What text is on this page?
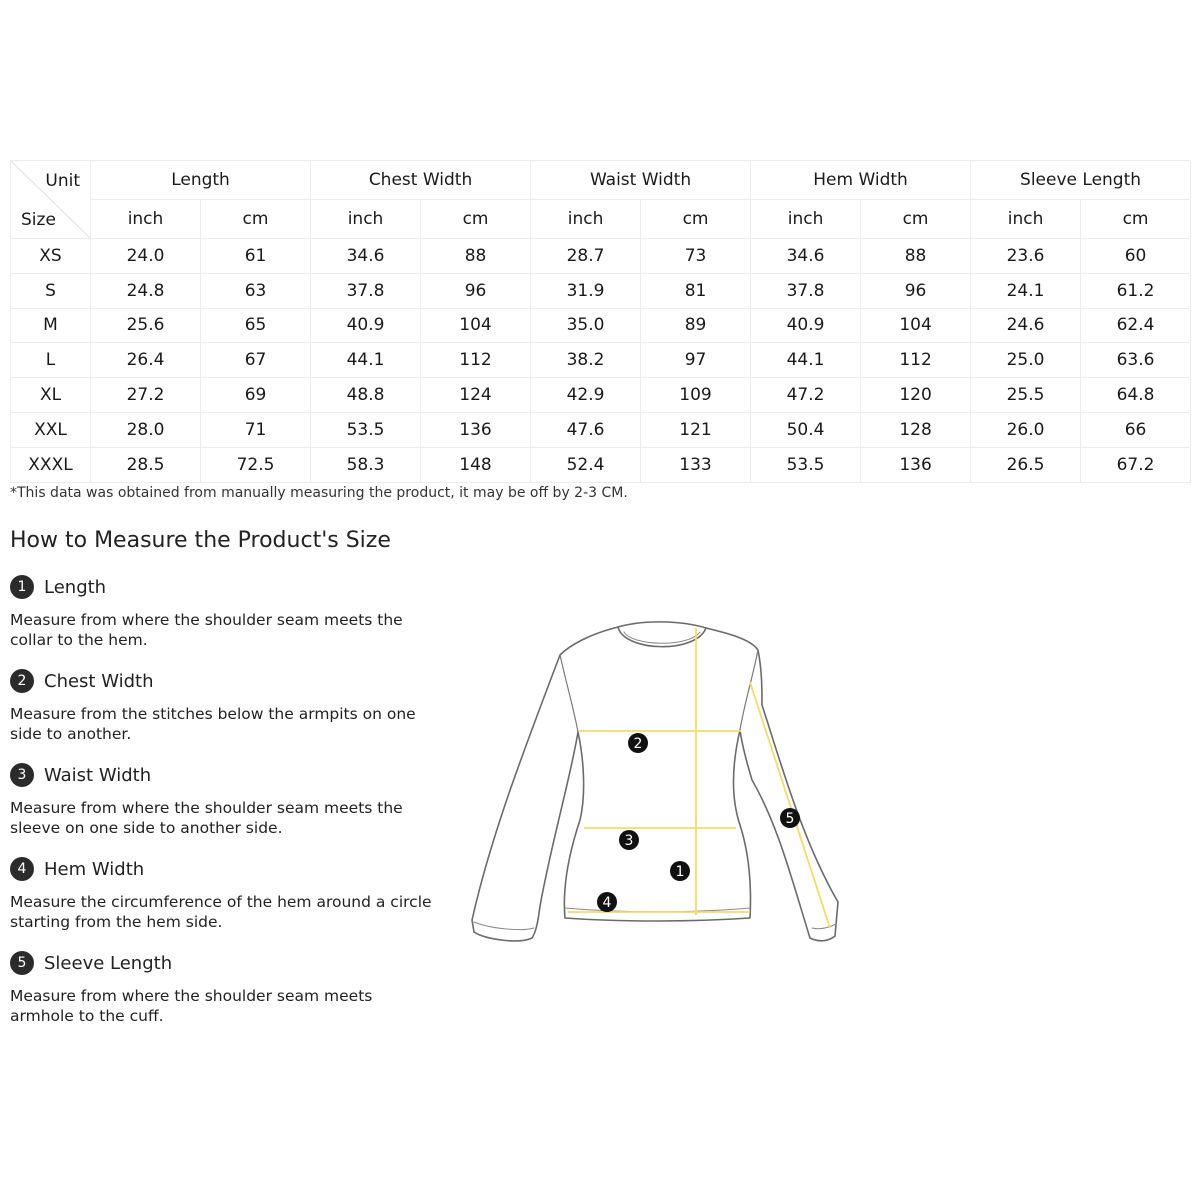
Unit
Size	Length		Chest Width		Waist Width		Hem Width		Sleeve Length	
	inch	cm	inch	cm	inch	cm	inch	cm	inch	cm
XS	24.0	61	34.6	88	28.7	73	34.6	88	23.6	60
S	24.8	63	37.8	96	31.9	81	37.8	96	24.1	61.2
M	25.6	65	40.9	104	35.0	89	40.9	104	24.6	62.4
L	26.4	67	44.1	112	38.2	97	44.1	112	25.0	63.6
XL	27.2	69	48.8	124	42.9	109	47.2	120	25.5	64.8
XXL	28.0	71	53.5	136	47.6	121	50.4	128	26.0	66
XXXL	28.5	72.5	58.3	148	52.4	133	53.5	136	26.5	67.2
*This data was obtained from manually measuring the product, it may be off by 2-3 CM.
How to Measure the Product's Size
1 Length
Measure from where the shoulder seam meets the collar to the hem.
2 Chest Width
Measure from the stitches below the armpits on one side to another.
3 Waist Width
Measure from where the shoulder seam meets the sleeve on one side to another side.
4 Hem Width
Measure the circumference of the hem around a circle starting from the hem side.
5 Sleeve Length
Measure from where the shoulder seam meets armhole to the cuff.
2
3
1
4
5
